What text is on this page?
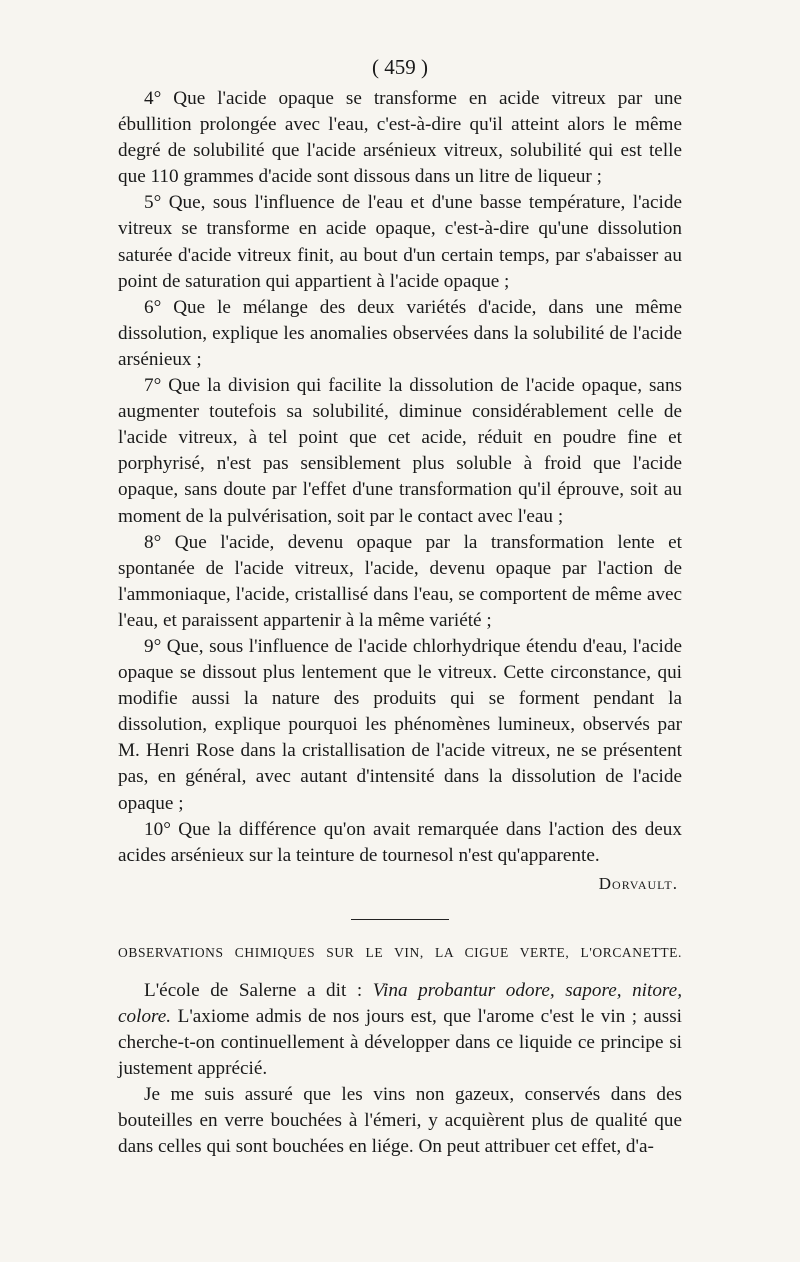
( 459 )

4° Que l'acide opaque se transforme en acide vitreux par une ébullition prolongée avec l'eau, c'est-à-dire qu'il atteint alors le même degré de solubilité que l'acide arsénieux vitreux, solubilité qui est telle que 110 grammes d'acide sont dissous dans un litre de liqueur ;

5° Que, sous l'influence de l'eau et d'une basse température, l'acide vitreux se transforme en acide opaque, c'est-à-dire qu'une dissolution saturée d'acide vitreux finit, au bout d'un certain temps, par s'abaisser au point de saturation qui appartient à l'acide opaque ;

6° Que le mélange des deux variétés d'acide, dans une même dissolution, explique les anomalies observées dans la solubilité de l'acide arsénieux ;

7° Que la division qui facilite la dissolution de l'acide opaque, sans augmenter toutefois sa solubilité, diminue considérablement celle de l'acide vitreux, à tel point que cet acide, réduit en poudre fine et porphyrisé, n'est pas sensiblement plus soluble à froid que l'acide opaque, sans doute par l'effet d'une transformation qu'il éprouve, soit au moment de la pulvérisation, soit par le contact avec l'eau ;

8° Que l'acide, devenu opaque par la transformation lente et spontanée de l'acide vitreux, l'acide, devenu opaque par l'action de l'ammoniaque, l'acide, cristallisé dans l'eau, se comportent de même avec l'eau, et paraissent appartenir à la même variété ;

9° Que, sous l'influence de l'acide chlorhydrique étendu d'eau, l'acide opaque se dissout plus lentement que le vitreux. Cette circonstance, qui modifie aussi la nature des produits qui se forment pendant la dissolution, explique pourquoi les phénomènes lumineux, observés par M. Henri Rose dans la cristallisation de l'acide vitreux, ne se présentent pas, en général, avec autant d'intensité dans la dissolution de l'acide opaque ;

10° Que la différence qu'on avait remarquée dans l'action des deux acides arsénieux sur la teinture de tournesol n'est qu'apparente.

Dorvault.
OBSERVATIONS CHIMIQUES SUR LE VIN, LA CIGUE VERTE, L'ORCANETTE.

L'école de Salerne a dit : Vina probantur odore, sapore, nitore, colore. L'axiome admis de nos jours est, que l'arome c'est le vin ; aussi cherche-t-on continuellement à développer dans ce liquide ce principe si justement apprécié.

Je me suis assuré que les vins non gazeux, conservés dans des bouteilles en verre bouchées à l'émeri, y acquièrent plus de qualité que dans celles qui sont bouchées en liége. On peut attribuer cet effet, d'a-
